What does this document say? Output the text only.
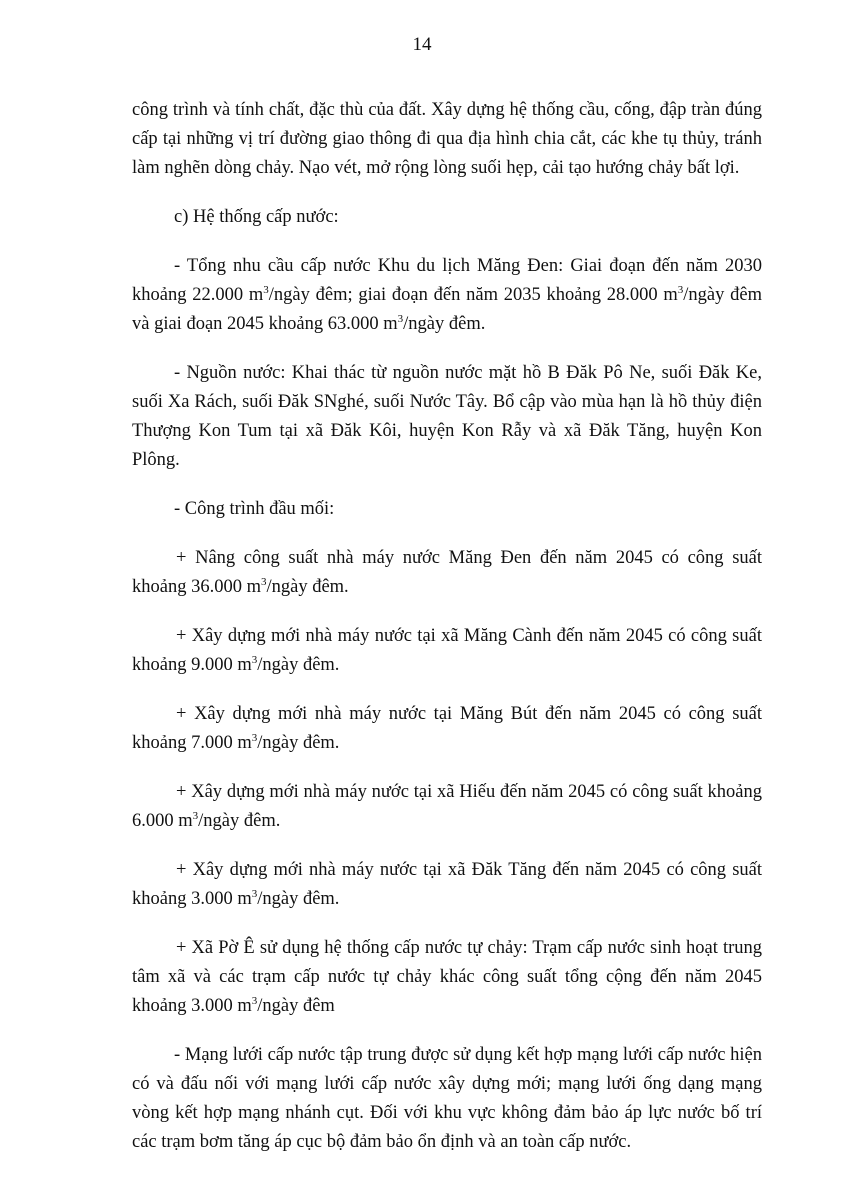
14

công trình và tính chất, đặc thù của đất. Xây dựng hệ thống cầu, cống, đập tràn đúng cấp tại những vị trí đường giao thông đi qua địa hình chia cắt, các khe tụ thủy, tránh làm nghẽn dòng chảy. Nạo vét, mở rộng lòng suối hẹp, cải tạo hướng chảy bất lợi.

c) Hệ thống cấp nước:

- Tổng nhu cầu cấp nước Khu du lịch Măng Đen: Giai đoạn đến năm 2030 khoảng 22.000 $m^3$/ngày đêm; giai đoạn đến năm 2035 khoảng 28.000 $m^3$/ngày đêm và giai đoạn 2045 khoảng 63.000 $m^3$/ngày đêm.

- Nguồn nước: Khai thác từ nguồn nước mặt hồ B Đăk Pô Ne, suối Đăk Ke, suối Xa Rách, suối Đăk SNghé, suối Nước Tây. Bổ cập vào mùa hạn là hồ thủy điện Thượng Kon Tum tại xã Đăk Kôi, huyện Kon Rẫy và xã Đăk Tăng, huyện Kon Plông.

- Công trình đầu mối:

+ Nâng công suất nhà máy nước Măng Đen đến năm 2045 có công suất khoảng 36.000 $m^3$/ngày đêm.

+ Xây dựng mới nhà máy nước tại xã Măng Cành đến năm 2045 có công suất khoảng 9.000 $m^3$/ngày đêm.

+ Xây dựng mới nhà máy nước tại Măng Bút đến năm 2045 có công suất khoảng 7.000 $m^3$/ngày đêm.

+ Xây dựng mới nhà máy nước tại xã Hiếu đến năm 2045 có công suất khoảng 6.000 $m^3$/ngày đêm.

+ Xây dựng mới nhà máy nước tại xã Đăk Tăng đến năm 2045 có công suất khoảng 3.000 $m^3$/ngày đêm.

+ Xã Pờ Ê sử dụng hệ thống cấp nước tự chảy: Trạm cấp nước sinh hoạt trung tâm xã và các trạm cấp nước tự chảy khác công suất tổng cộng đến năm 2045 khoảng 3.000 $m^3$/ngày đêm

- Mạng lưới cấp nước tập trung được sử dụng kết hợp mạng lưới cấp nước hiện có và đấu nối với mạng lưới cấp nước xây dựng mới; mạng lưới ống dạng mạng vòng kết hợp mạng nhánh cụt. Đối với khu vực không đảm bảo áp lực nước bố trí các trạm bơm tăng áp cục bộ đảm bảo ổn định và an toàn cấp nước.
